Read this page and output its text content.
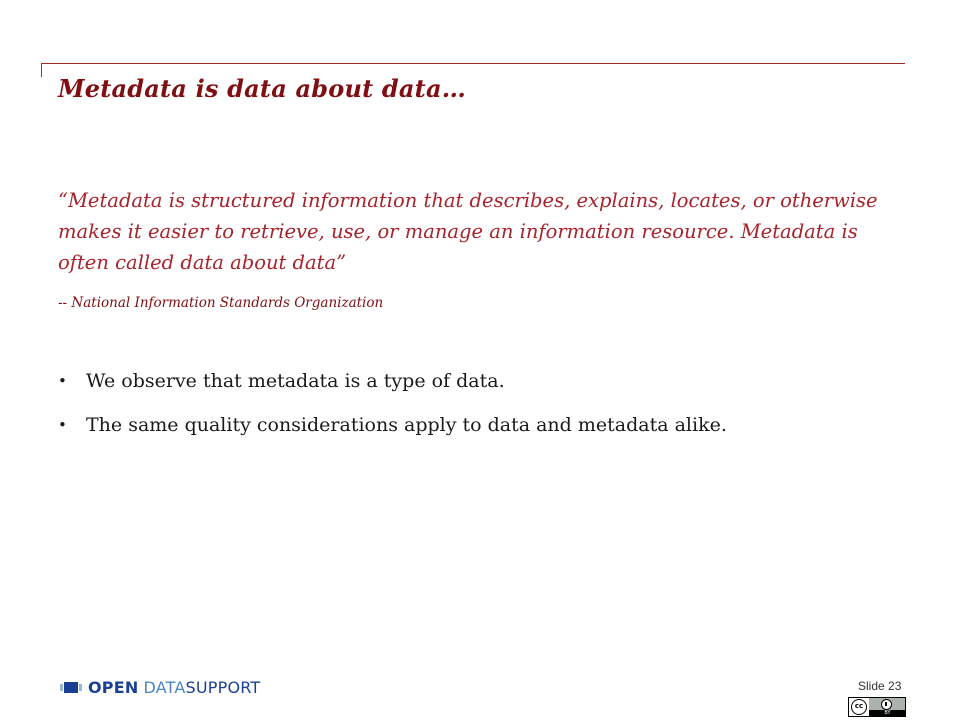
Metadata is data about data…

“Metadata is structured information that describes, explains, locates, or otherwise makes it easier to retrieve, use, or manage an information resource. Metadata is often called data about data”

-- National Information Standards Organization

• We observe that metadata is a type of data.
• The same quality considerations apply to data and metadata alike.
OPEN DATASUPPORT	Slide 23
cc
BY
